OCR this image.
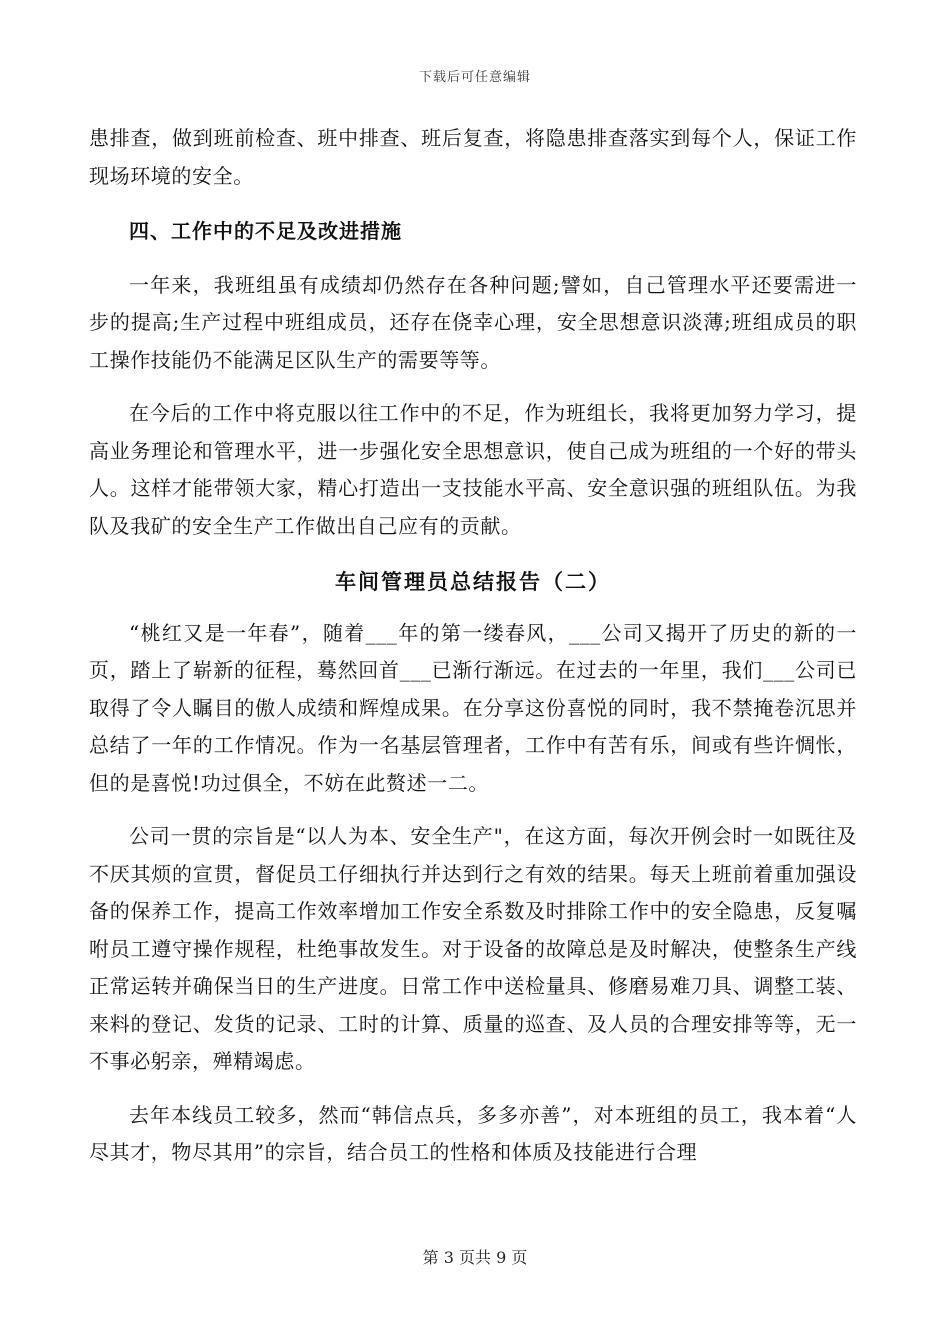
下载后可任意编辑

患排查，做到班前检查、班中排查、班后复查，将隐患排查落实到每个人，保证工作现场环境的安全。

四、工作中的不足及改进措施

一年来，我班组虽有成绩却仍然存在各种问题;譬如，自己管理水平还要需进一步的提高;生产过程中班组成员，还存在侥幸心理，安全思想意识淡薄;班组成员的职工操作技能仍不能满足区队生产的需要等等。

在今后的工作中将克服以往工作中的不足，作为班组长，我将更加努力学习，提高业务理论和管理水平，进一步强化安全思想意识，使自己成为班组的一个好的带头人。这样才能带领大家，精心打造出一支技能水平高、安全意识强的班组队伍。为我队及我矿的安全生产工作做出自己应有的贡献。

车间管理员总结报告（二）

“桃红又是一年春”，随着___年的第一缕春风，___公司又揭开了历史的新的一页，踏上了崭新的征程，蓦然回首___已渐行渐远。在过去的一年里，我们___公司已取得了令人瞩目的傲人成绩和辉煌成果。在分享这份喜悦的同时，我不禁掩卷沉思并总结了一年的工作情况。作为一名基层管理者，工作中有苦有乐，间或有些许惆怅，但的是喜悦!功过俱全，不妨在此赘述一二。

公司一贯的宗旨是“以人为本、安全生产"，在这方面，每次开例会时一如既往及不厌其烦的宣贯，督促员工仔细执行并达到行之有效的结果。每天上班前着重加强设备的保养工作，提高工作效率增加工作安全系数及时排除工作中的安全隐患，反复嘱咐员工遵守操作规程，杜绝事故发生。对于设备的故障总是及时解决，使整条生产线正常运转并确保当日的生产进度。日常工作中送检量具、修磨易难刀具、调整工装、来料的登记、发货的记录、工时的计算、质量的巡查、及人员的合理安排等等，无一不事必躬亲，殚精竭虑。

去年本线员工较多，然而“韩信点兵，多多亦善”，对本班组的员工，我本着“人尽其才，物尽其用”的宗旨，结合员工的性格和体质及技能进行合理

第 3 页共 9 页
